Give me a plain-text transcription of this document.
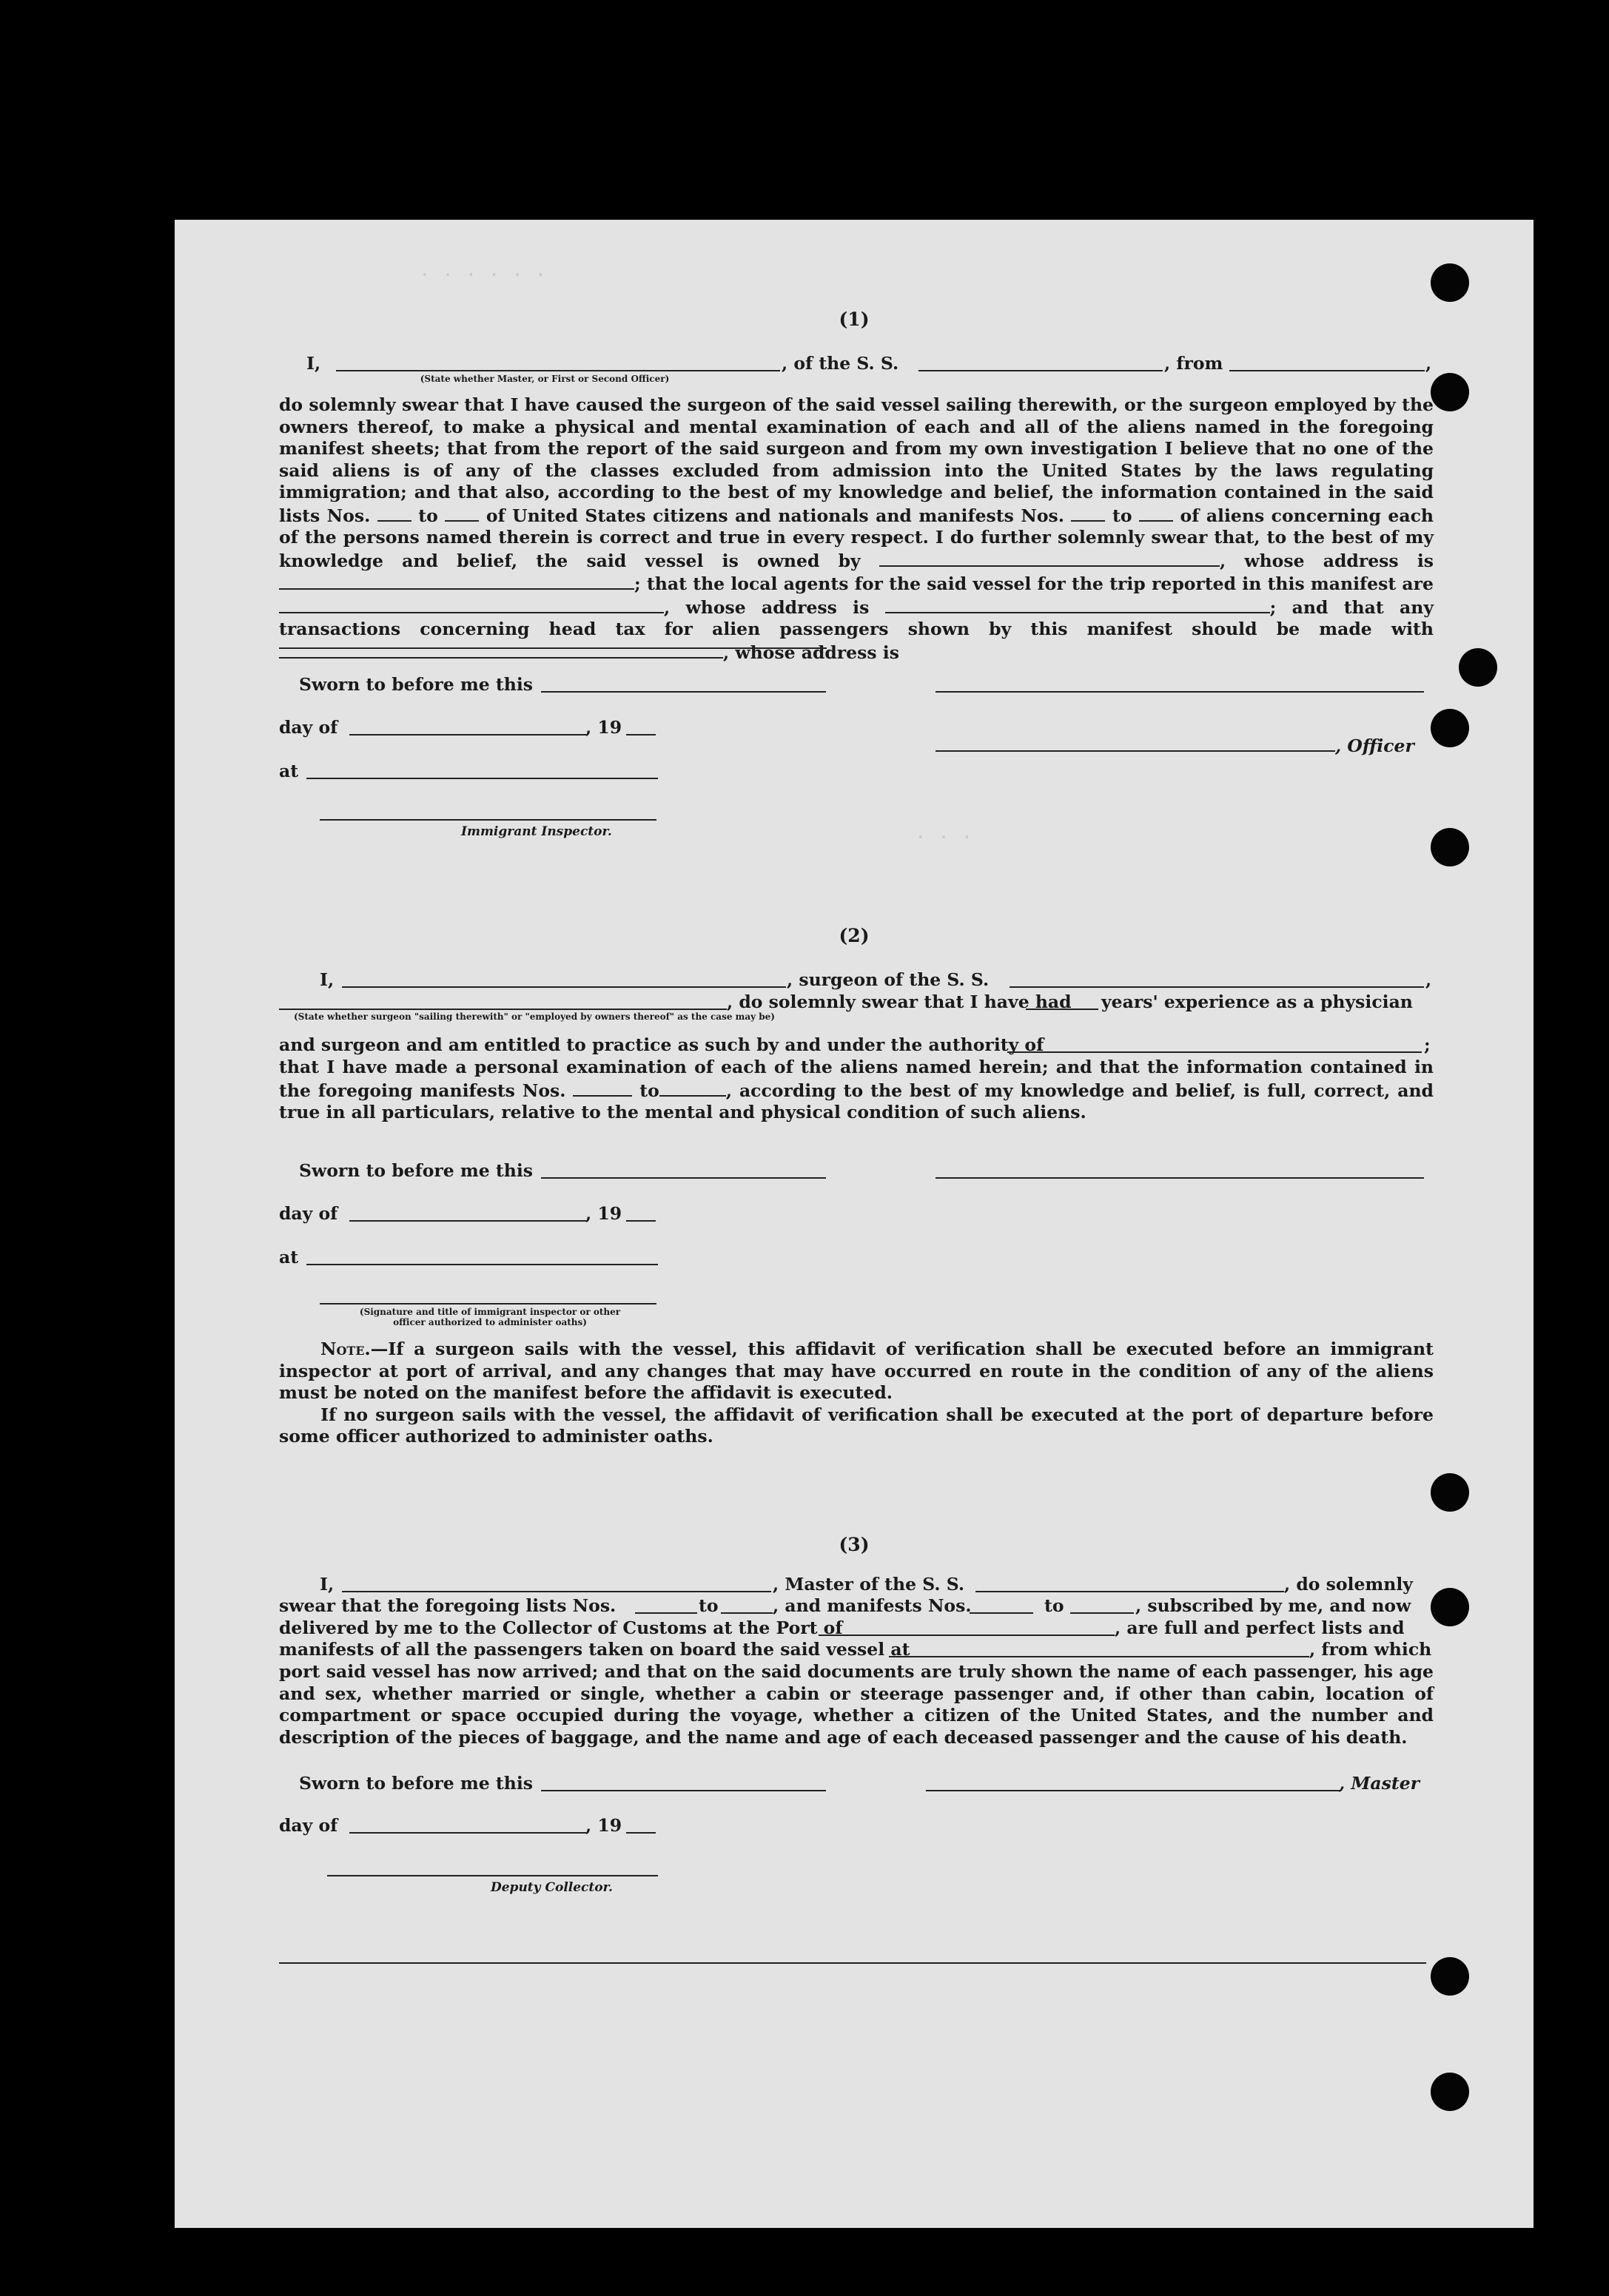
· · · · · ·
· · ·
(1)
I,
(State whether Master, or First or Second Officer)
, of the S. S.	, from	,
do solemnly swear that I have caused the surgeon of the said vessel sailing therewith, or the surgeon employed by the owners thereof, to make a physical and mental examination of each and all of the aliens named in the foregoing manifest sheets; that from the report of the said surgeon and from my own investigation I believe that no one of the said aliens is of any of the classes excluded from admission into the United States by the laws regulating immigration; and that also, according to the best of my knowledge and belief, the information contained in the said lists Nos.	to	of United States citizens and nationals and manifests Nos.	to	of aliens concerning each of the persons named therein is correct and true in every respect. I do further solemnly swear that, to the best of my knowledge and belief, the said vessel is owned by	, whose address is ; that the local agents for the said vessel for the trip reported in this manifest are , whose address is	; and that any transactions concerning head tax for alien passengers shown by this manifest should be made with , whose address is
Sworn to before me this
day of	, 19
, Officer
at
Immigrant Inspector.
(2)
I,	, surgeon of the S. S.	,
, do solemnly swear that I have had years' experience as a physician
(State whether surgeon "sailing therewith" or "employed by owners thereof" as the case may be)
and surgeon and am entitled to practice as such by and under the authority of	;
that I have made a personal examination of each of the aliens named herein; and that the information contained in the foregoing manifests Nos.	to	, according to the best of my knowledge and belief, is full, correct, and true in all particulars, relative to the mental and physical condition of such aliens.
Sworn to before me this
day of	, 19
at
(Signature and title of immigrant inspector or other officer authorized to administer oaths)
Note.—If a surgeon sails with the vessel, this affidavit of verification shall be executed before an immigrant inspector at port of arrival, and any changes that may have occurred en route in the condition of any of the aliens must be noted on the manifest before the affidavit is executed.
If no surgeon sails with the vessel, the affidavit of verification shall be executed at the port of departure before some officer authorized to administer oaths.
(3)
I,	, Master of the S. S.	, do solemnly
swear that the foregoing lists Nos.	to	, and manifests Nos.	to	, subscribed by me, and now
delivered by me to the Collector of Customs at the Port of	, are full and perfect lists and
manifests of all the passengers taken on board the said vessel at	, from which
port said vessel has now arrived; and that on the said documents are truly shown the name of each passenger, his age and sex, whether married or single, whether a cabin or steerage passenger and, if other than cabin, location of compartment or space occupied during the voyage, whether a citizen of the United States, and the number and description of the pieces of baggage, and the name and age of each deceased passenger and the cause of his death.
Sworn to before me this	, Master
day of	, 19
Deputy Collector.
